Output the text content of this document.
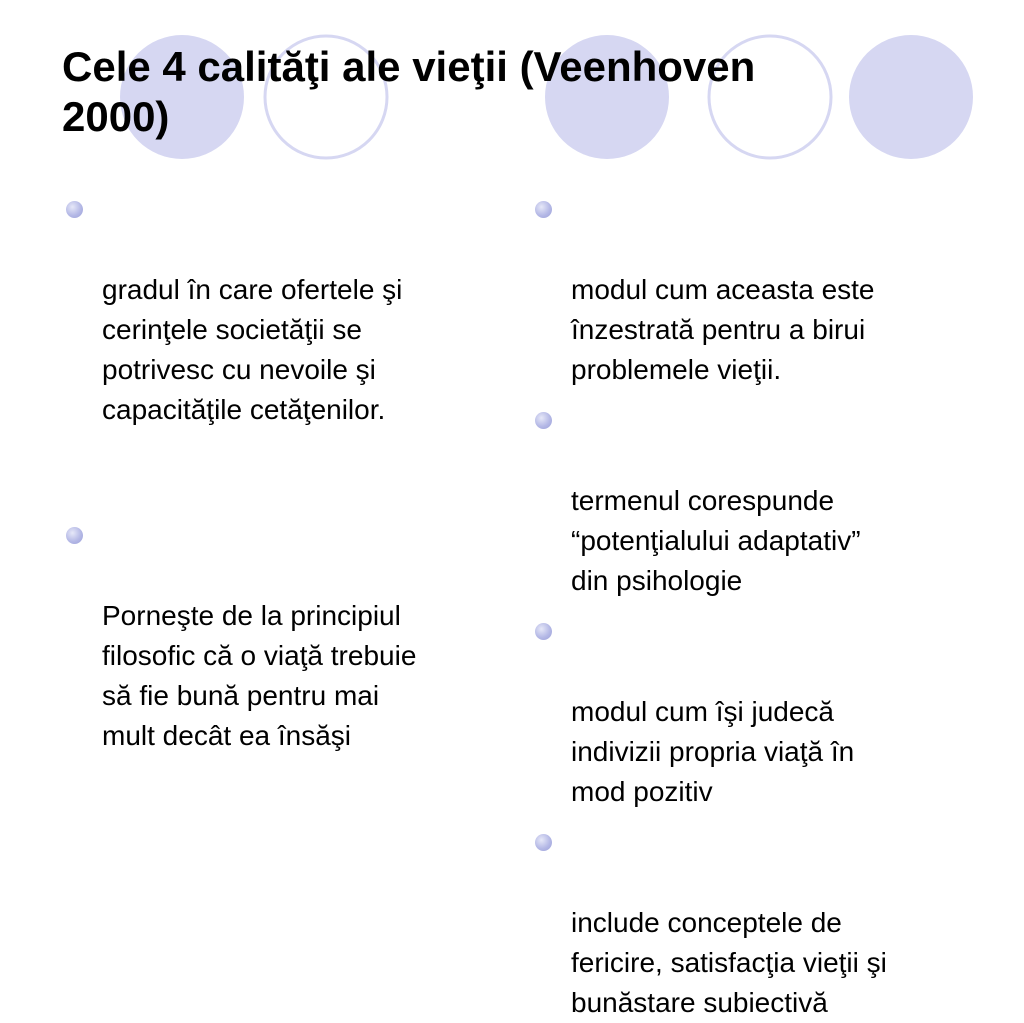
Cele 4 calităţi ale vieţii (Veenhoven
2000)

gradul în care ofertele şi
cerinţele societăţii se
potrivesc cu nevoile şi
capacităţile cetăţenilor.

Porneşte de la principiul
filosofic că o viaţă trebuie
să fie bună pentru mai
mult decât ea însăşi

modul cum aceasta este
înzestrată pentru a birui
problemele vieţii.

termenul corespunde
“potenţialului adaptativ”
din psihologie

modul cum îşi judecă
indivizii propria viaţă în
mod pozitiv

include conceptele de
fericire, satisfacţia vieţii şi
bunăstare subiectivă
